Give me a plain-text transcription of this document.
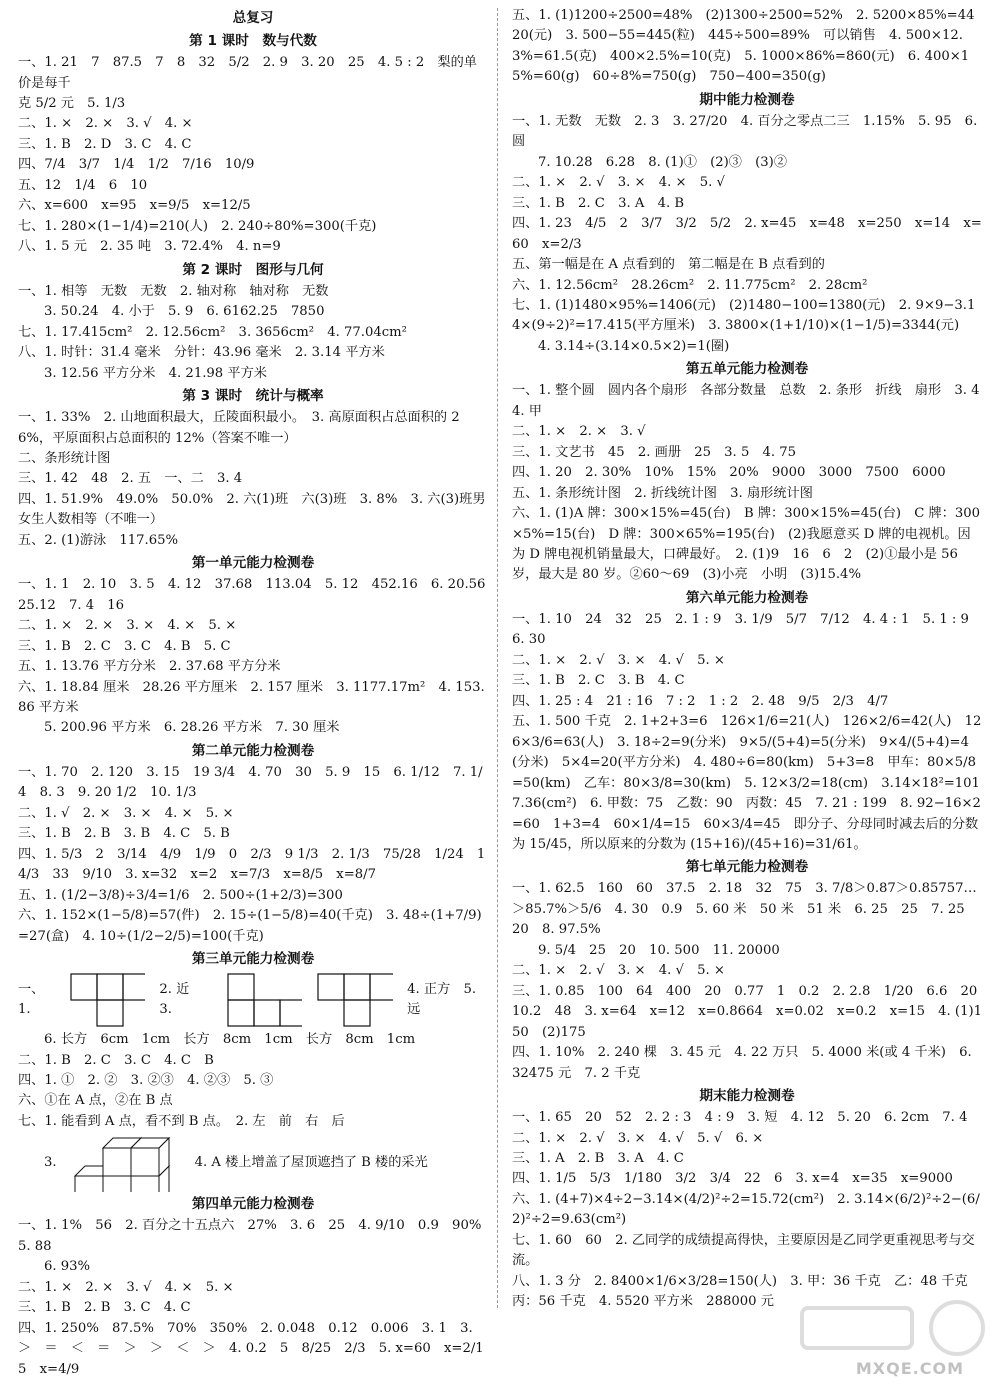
总复习
第 1 课时　数与代数

一、1. 21　7　87.5　7　8　32　5/2　2. 9　3. 20　25　4. 5 : 2　梨的单价是每千

克 5/2 元　5. 1/3

二、1. ×　2. ×　3. √　4. ×

三、1. B　2. D　3. C　4. C

四、7/4　3/7　1/4　1/2　7/16　10/9

五、12　1/4　6　10

六、x=600　x=95　x=9/5　x=12/5

七、1. 280×(1−1/4)=210(人)　2. 240÷80%=300(千克)

八、1. 5 元　2. 35 吨　3. 72.4%　4. n=9

第 2 课时　图形与几何

一、1. 相等　无数　无数　2. 轴对称　轴对称　无数

3. 50.24　4. 小于　5. 9　6. 6162.25　7850

七、1. 17.415cm²　2. 12.56cm²　3. 3656cm²　4. 77.04cm²

八、1. 时针：31.4 毫米　分针：43.96 毫米　2. 3.14 平方米

3. 12.56 平方分米　4. 21.98 平方米

第 3 课时　统计与概率

一、1. 33%　2. 山地面积最大，丘陵面积最小。　3. 高原面积占总面积的 26%，平原面积占总面积的 12%（答案不唯一）

二、条形统计图

三、1. 42　48　2. 五　一、二　3. 4

四、1. 51.9%　49.0%　50.0%　2. 六(1)班　六(3)班　3. 8%　3. 六(3)班男女生人数相等（不唯一）

五、2. (1)游泳　117.65%

第一单元能力检测卷

一、1. 1　2. 10　3. 5　4. 12　37.68　113.04　5. 12　452.16　6. 20.56　25.12　7. 4　16

二、1. ×　2. ×　3. ×　4. ×　5. ×

三、1. B　2. C　3. C　4. B　5. C

五、1. 13.76 平方分米　2. 37.68 平方分米

六、1. 18.84 厘米　28.26 平方厘米　2. 157 厘米　3. 1177.17m²　4. 153.86 平方米

5. 200.96 平方米　6. 28.26 平方米　7. 30 厘米

第二单元能力检测卷

一、1. 70　2. 120　3. 15　19 3/4　4. 70　30　5. 9　15　6. 1/12　7. 1/4　8. 3　9. 20 1/2　10. 1/3

二、1. √　2. ×　3. ×　4. ×　5. ×

三、1. B　2. B　3. B　4. C　5. B

四、1. 5/3　2　3/14　4/9　1/9　0　2/3　9 1/3　2. 1/3　75/28　1/24　14/3　33　9/10　3. x=32　x=2　x=7/3　x=8/5　x=8/7

五、1. (1/2−3/8)÷3/4=1/6　2. 500÷(1+2/3)=300

六、1. 152×(1−5/8)=57(件)　2. 15÷(1−5/8)=40(千克)　3. 48÷(1+7/9)=27(盒)　4. 10÷(1/2−2/5)=100(千克)

第三单元能力检测卷
一、1.
2. 近　3.
4. 正方　5. 远

6. 长方　6cm　1cm　长方　8cm　1cm　长方　8cm　1cm

二、1. B　2. C　3. C　4. C　B

四、1. ①　2. ②　3. ②③　4. ②③　5. ③

六、①在 A 点，②在 B 点

七、1. 能看到 A 点，看不到 B 点。　2. 左　前　右　后

3.	4. A 楼上增盖了屋顶遮挡了 B 楼的采光
第四单元能力检测卷

一、1. 1%　56　2. 百分之十五点六　27%　3. 6　25　4. 9/10　0.9　90%　5. 88

6. 93%

二、1. ×　2. ×　3. √　4. ×　5. ×

三、1. B　2. B　3. C　4. C

四、1. 250%　87.5%　70%　350%　2. 0.048　0.12　0.006　3. 1　3. ＞　＝　＜　＝　＞　＞　＜　＞　4. 0.2　5　8/25　2/3　5. x=60　x=2/15　x=4/9

五、1. (1)1200÷2500=48%　(2)1300÷2500=52%　2. 5200×85%=4420(元)　3. 500−55=445(粒)　445÷500=89%　可以销售　4. 500×12.3%=61.5(克)　400×2.5%=10(克)　5. 1000×86%=860(元)　6. 400×15%=60(g)　60÷8%=750(g)　750−400=350(g)

期中能力检测卷

一、1. 无数　无数　2. 3　3. 27/20　4. 百分之零点二三　1.15%　5. 95　6. 圆

7. 10.28　6.28　8. (1)①　(2)③　(3)②

二、1. ×　2. √　3. ×　4. ×　5. √

三、1. B　2. C　3. A　4. B

四、1. 23　4/5　2　3/7　3/2　5/2　2. x=45　x=48　x=250　x=14　x=60　x=2/3

五、第一幅是在 A 点看到的　第二幅是在 B 点看到的

六、1. 12.56cm²　28.26cm²　2. 11.775cm²　2. 28cm²

七、1. (1)1480×95%=1406(元)　(2)1480−100=1380(元)　2. 9×9−3.14×(9÷2)²=17.415(平方厘米)　3. 3800×(1+1/10)×(1−1/5)=3344(元)

4. 3.14÷(3.14×0.5×2)=1(圈)

第五单元能力检测卷

一、1. 整个圆　圆内各个扇形　各部分数量　总数　2. 条形　折线　扇形　3. 4　4. 甲

二、1. ×　2. ×　3. √

三、1. 文艺书　45　2. 画册　25　3. 5　4. 75

四、1. 20　2. 30%　10%　15%　20%　9000　3000　7500　6000

五、1. 条形统计图　2. 折线统计图　3. 扇形统计图

六、1. (1)A 牌：300×15%=45(台)　B 牌：300×15%=45(台)　C 牌：300×5%=15(台)　D 牌：300×65%=195(台)　(2)我愿意买 D 牌的电视机。因为 D 牌电视机销量最大，口碑最好。　2. (1)9　16　6　2　(2)①最小是 56 岁，最大是 80 岁。②60～69　(3)小亮　小明　(3)15.4%

第六单元能力检测卷

一、1. 10　24　32　25　2. 1 : 9　3. 1/9　5/7　7/12　4. 4 : 1　5. 1 : 9　6. 30

二、1. ×　2. √　3. ×　4. √　5. ×

三、1. B　2. C　3. B　4. C

四、1. 25 : 4　21 : 16　7 : 2　1 : 2　2. 48　9/5　2/3　4/7

五、1. 500 千克　2. 1+2+3=6　126×1/6=21(人)　126×2/6=42(人)　126×3/6=63(人)　3. 18÷2=9(分米)　9×5/(5+4)=5(分米)　9×4/(5+4)=4(分米)　5×4=20(平方分米)　4. 480÷6=80(km)　5+3=8　甲车：80×5/8=50(km)　乙车：80×3/8=30(km)　5. 12×3/2=18(cm)　3.14×18²=1017.36(cm²)　6. 甲数：75　乙数：90　丙数：45　7. 21 : 199　8. 92−16×2=60　1+3=4　60×1/4=15　60×3/4=45　即分子、分母同时减去后的分数为 15/45，所以原来的分数为 (15+16)/(45+16)=31/61。

第七单元能力检测卷

一、1. 62.5　160　60　37.5　2. 18　32　75　3. 7/8＞0.87＞0.85757…＞85.7%＞5/6　4. 30　0.9　5. 60 米　50 米　51 米　6. 25　25　7. 25　20　8. 97.5%

9. 5/4　25　20　10. 500　11. 20000

二、1. ×　2. √　3. ×　4. √　5. ×

三、1. 0.85　100　64　400　20　0.77　1　0.2　2. 2.8　1/20　6.6　20　10.2　48　3. x=64　x=12　x=0.8664　x=0.02　x=0.2　x=15　4. (1)150　(2)175

四、1. 10%　2. 240 棵　3. 45 元　4. 22 万只　5. 4000 米(或 4 千米)　6. 32475 元　7. 2 千克

期末能力检测卷

一、1. 65　20　52　2. 2 : 3　4 : 9　3. 短　4. 12　5. 20　6. 2cm　7. 4

二、1. ×　2. √　3. ×　4. √　5. √　6. ×

三、1. A　2. B　3. A　4. C

四、1. 1/5　5/3　1/180　3/2　3/4　22　6　3. x=4　x=35　x=9000

六、1. (4+7)×4÷2−3.14×(4/2)²÷2=15.72(cm²)　2. 3.14×(6/2)²÷2−(6/2)²÷2=9.63(cm²)

七、1. 60　60　2. 乙同学的成绩提高得快，主要原因是乙同学更重视思考与交流。

八、1. 3 分　2. 8400×1/6×3/28=150(人)　3. 甲：36 千克　乙：48 千克　丙：56 千克　4. 5520 平方米　288000 元

MXQE.COM
